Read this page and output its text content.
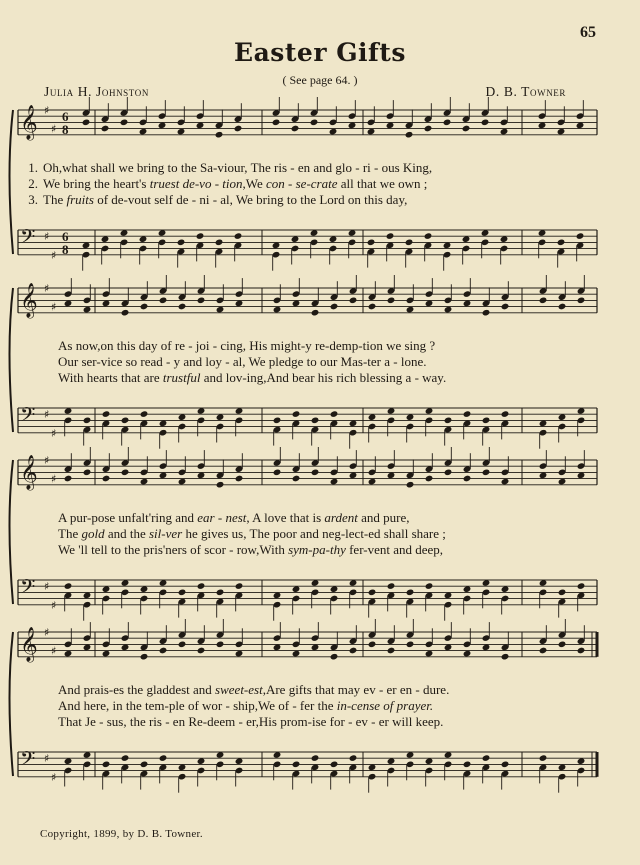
65
Easter Gifts
( See page 64. )
Julia H. Johnston	D. B. Towner
𝄞 ♯
♯
6
8
𝄢 ♯
♯
6
8
1. Oh,what shall we bring to the Sa-viour, The ris - en and glo - ri - ous King,
2. We bring the heart's truest de-vo - tion,We con - se-crate all that we own ;
3. The fruits of de-vout self de - ni - al, We bring to the Lord on this day,
𝄞 ♯
♯
𝄢 ♯
♯
As now,on this day of re - joi - cing, His might-y re-demp-tion we sing ?
Our ser-vice so read - y and loy - al, We pledge to our Mas-ter a - lone.
With hearts that are trustful and lov-ing,And bear his rich blessing a - way.
𝄞 ♯
♯
𝄢 ♯
♯
A pur-pose unfalt'ring and ear - nest, A love that is ardent and pure,
The gold and the sil-ver he gives us, The poor and neg-lect-ed shall share ;
We 'll tell to the pris'ners of scor - row,With sym-pa-thy fer-vent and deep,
𝄞 ♯
♯
𝄢 ♯
♯
And prais-es the gladdest and sweet-est,Are gifts that may ev - er en - dure.
And here, in the tem-ple of wor - ship,We of - fer the in-cense of prayer.
That Je - sus, the ris - en Re-deem - er,His prom-ise for - ev - er will keep.
Copyright, 1899, by D. B. Towner.
